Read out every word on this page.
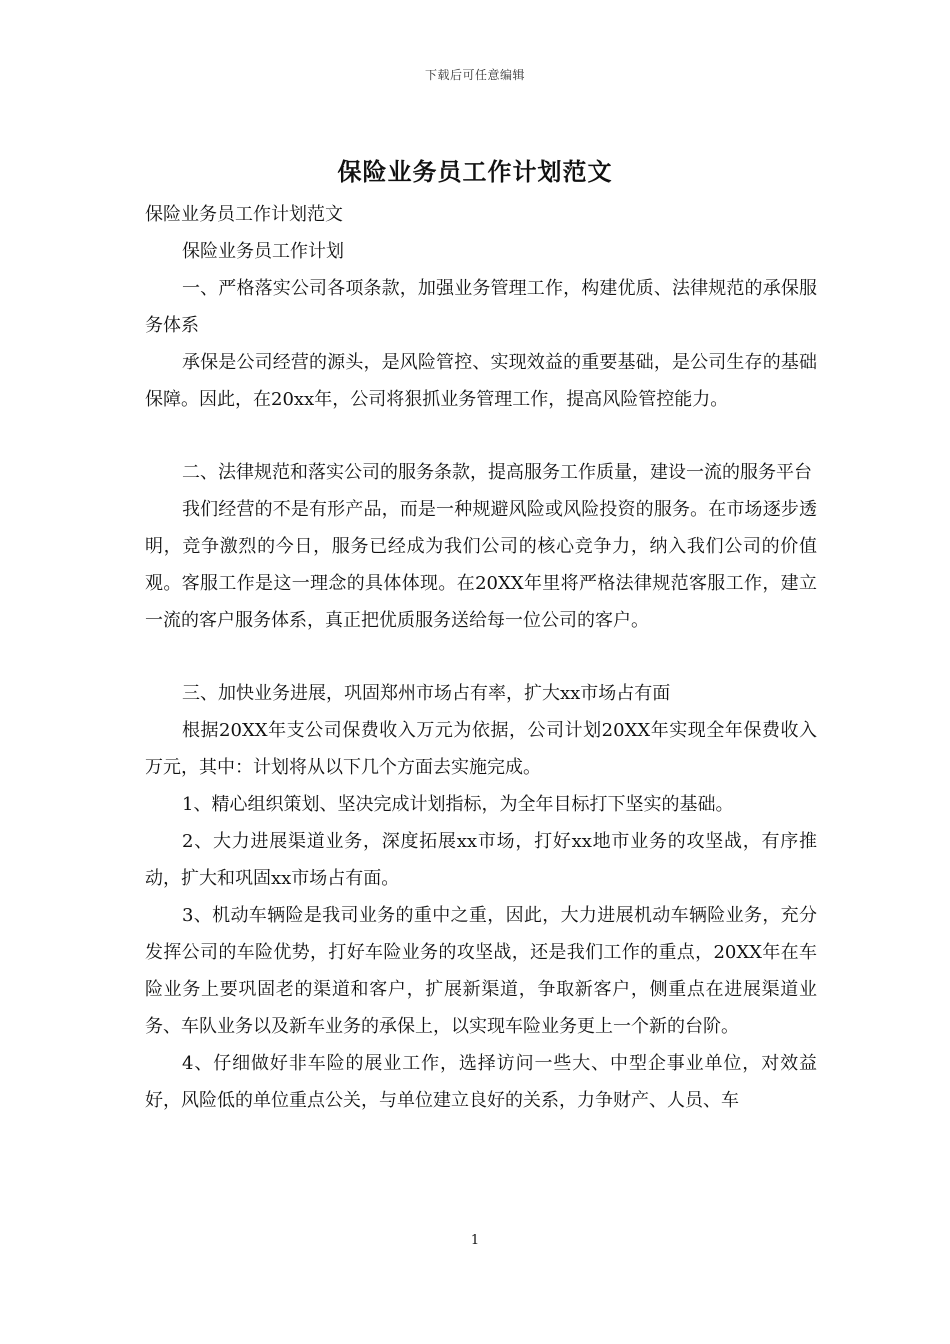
下载后可任意编辑
保险业务员工作计划范文

保险业务员工作计划范文

保险业务员工作计划

一、严格落实公司各项条款，加强业务管理工作，构建优质、法律规范的承保服务体系

承保是公司经营的源头，是风险管控、实现效益的重要基础，是公司生存的基础保障。因此，在20xx年，公司将狠抓业务管理工作，提高风险管控能力。

二、法律规范和落实公司的服务条款，提高服务工作质量，建设一流的服务平台

我们经营的不是有形产品，而是一种规避风险或风险投资的服务。在市场逐步透明，竞争激烈的今日，服务已经成为我们公司的核心竞争力，纳入我们公司的价值观。客服工作是这一理念的具体体现。在20XX年里将严格法律规范客服工作，建立一流的客户服务体系，真正把优质服务送给每一位公司的客户。

三、加快业务进展，巩固郑州市场占有率，扩大xx市场占有面

根据20XX年支公司保费收入万元为依据，公司计划20XX年实现全年保费收入万元，其中：计划将从以下几个方面去实施完成。

1、精心组织策划、坚决完成计划指标，为全年目标打下坚实的基础。

2、大力进展渠道业务，深度拓展xx市场，打好xx地市业务的攻坚战，有序推动，扩大和巩固xx市场占有面。

3、机动车辆险是我司业务的重中之重，因此，大力进展机动车辆险业务，充分发挥公司的车险优势，打好车险业务的攻坚战，还是我们工作的重点，20XX年在车险业务上要巩固老的渠道和客户，扩展新渠道，争取新客户，侧重点在进展渠道业务、车队业务以及新车业务的承保上，以实现车险业务更上一个新的台阶。

4、仔细做好非车险的展业工作，选择访问一些大、中型企事业单位，对效益好，风险低的单位重点公关，与单位建立良好的关系，力争财产、人员、车

1
